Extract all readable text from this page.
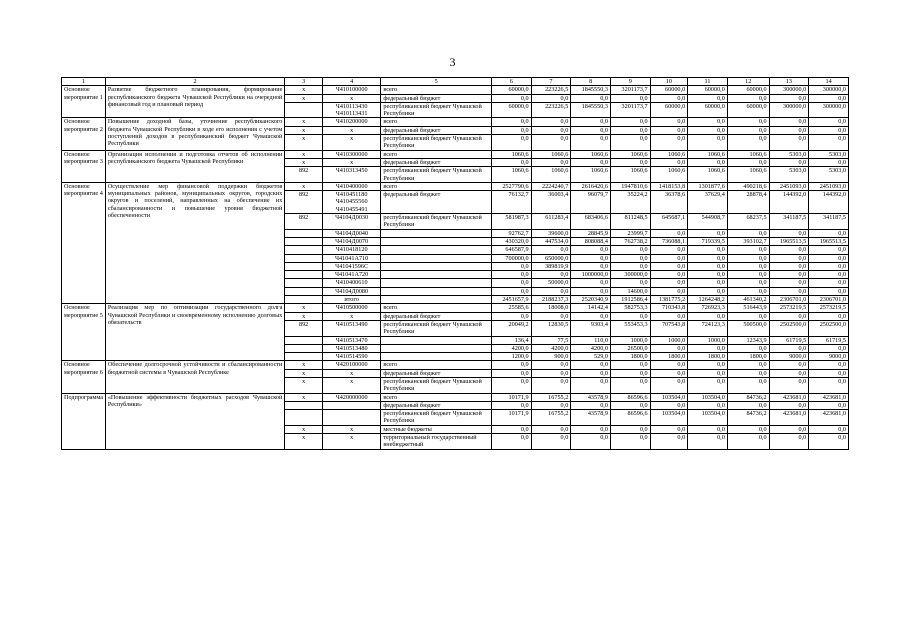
3
1	2	3	4	5	6	7	8	9	10	11	12	13	14
Основное мероприятие 1	Развитие бюджетного планирования, формирование республиканского бюджета Чувашской Республики на очередной финансовый год и плановый период	x	Ч410100000	всего	60000,0	223226,5	1845550,3	3201173,7	60000,0	60000,0	60000,0	300000,0	300000,0
		x	x	федеральный бюджет	0,0	0,0	0,0	0,0	0,0	0,0	0,0	0,0	0,0
			Ч410113430 Ч410113431	республиканский бюджет Чувашской Республики	60000,0	223226,5	1845550,3	3201173,7	60000,0	60000,0	60000,0	300000,0	300000,0
Основное мероприятие 2	Повышение доходной базы, уточнение республиканского бюджета Чувашской Республики в ходе его исполнения с учетом поступлений доходов в республиканский бюджет Чувашской Республики	x	Ч410200000	всего	0,0	0,0	0,0	0,0	0,0	0,0	0,0	0,0	0,0
		x	x	федеральный бюджет	0,0	0,0	0,0	0,0	0,0	0,0	0,0	0,0	0,0
		x	x	республиканский бюджет Чувашской Республики	0,0	0,0	0,0	0,0	0,0	0,0	0,0	0,0	0,0
Основное мероприятие 3	Организация исполнения и подготовка отчетов об исполнении республиканского бюджета Чувашской Республики	x	Ч410300000	всего	1060,6	1060,6	1060,6	1060,6	1060,6	1060,6	1060,6	5303,0	5303,0
		x	x	федеральный бюджет	0,0	0,0	0,0	0,0	0,0	0,0	0,0	0,0	0,0
		892	Ч410313450	республиканский бюджет Чувашской Республики	1060,6	1060,6	1060,6	1060,6	1060,6	1060,6	1060,6	5303,0	5303,0
Основное мероприятие 4	Осуществление мер финансовой поддержки бюджетов муниципальных районов, муниципальных округов, городских округов и поселений, направленных на обеспечение их сбалансированности и повышение уровня бюджетной обеспеченности	x	Ч410400000	всего	2527790,6	2224240,7	2616420,6	1947810,6	1418153,8	1301877,6	490218,6	2451093,0	2451093,0
		892	Ч410451180 Ч410455560 Ч410455491	федеральный бюджет	76132,7	36003,4	96079,7	35224,2	36378,6	37629,4	28878,4	144392,0	144392,0
		892	Ч4104Д0030	республиканский бюджет Чувашской Республики	581987,3	611283,4	683406,6	811248,5	645687,1	544908,7	68237,5	341187,5	341187,5
			Ч4104Д0040		92762,7	39600,0	28845,9	23999,7	0,0	0,0	0,0	0,0	0,0
			Ч4104Д0070		430320,0	447534,0	808088,4	762738,2	736088,1	719339,5	393102,7	1965513,5	1965513,5
			Ч410418120		646587,9	0,0	0,0	0,0	0,0	0,0	0,0	0,0	0,0
			Ч41041А710		700000,0	650000,0	0,0	0,0	0,0	0,0	0,0	0,0	0,0
			Ч41041596С		0,0	389819,9	0,0	0,0	0,0	0,0	0,0	0,0	0,0
			Ч41041А720		0,0	0,0	1000000,0	300000,0	0,0	0,0	0,0	0,0	0,0
			Ч410400610		0,0	50000,0	0,0	0,0	0,0	0,0	0,0	0,0	0,0
			Ч4104Д0080		0,0	0,0	0,0	14600,0	0,0	0,0	0,0	0,0	0,0
			итого		2451657,9	2188237,3	2520340,9	1912586,4	1381775,2	1264248,2	461340,2	2306701,0	2306701,0
Основное мероприятие 5	Реализация мер по оптимизации государственного долга Чувашской Республики и своевременному исполнению долговых обязательств	x	Ч410500000	всего	25585,6	18008,0	14142,4	582753,3	710343,8	726923,3	516443,9	2573219,5	2573219,5
		x	x	федеральный бюджет	0,0	0,0	0,0	0,0	0,0	0,0	0,0	0,0	0,0
		892	Ч410513490	республиканский бюджет Чувашской Республики	20049,2	12830,5	9303,4	553453,3	707543,8	724123,3	500500,0	2502500,0	2502500,0
			Ч410513470		136,4	77,5	110,0	1000,0	1000,0	1000,0	12343,9	61719,5	61719,5
			Ч410513480		4200,0	4200,0	4200,0	26500,0	0,0	0,0	0,0	0,0	0,0
			Ч410514590		1200,0	900,0	529,0	1800,0	1800,0	1800,0	1800,0	9000,0	9000,0
Основное мероприятие 6	Обеспечение долгосрочной устойчивости и сбалансированности бюджетной системы в Чувашской Республике	x	Ч420100000	всего	0,0	0,0	0,0	0,0	0,0	0,0	0,0	0,0	0,0
		x	x	федеральный бюджет	0,0	0,0	0,0	0,0	0,0	0,0	0,0	0,0	0,0
		x	x	республиканский бюджет Чувашской Республики	0,0	0,0	0,0	0,0	0,0	0,0	0,0	0,0	0,0
Подпрограмма	«Повышение эффективности бюджетных расходов Чувашской Республики»	x	Ч420000000	всего	10171,9	16755,2	43578,9	86596,6	103504,0	103504,0	84736,2	423681,0	423681,0
				федеральный бюджет	0,0	0,0	0,0	0,0	0,0	0,0	0,0	0,0	0,0
				республиканский бюджет Чувашской Республики	10171,9	16755,2	43578,9	86596,6	103504,0	103504,0	84736,2	423681,0	423681,0
		x	x	местные бюджеты	0,0	0,0	0,0	0,0	0,0	0,0	0,0	0,0	0,0
		x	x	территориальный государственный внебюджетный	0,0	0,0	0,0	0,0	0,0	0,0	0,0	0,0	0,0
